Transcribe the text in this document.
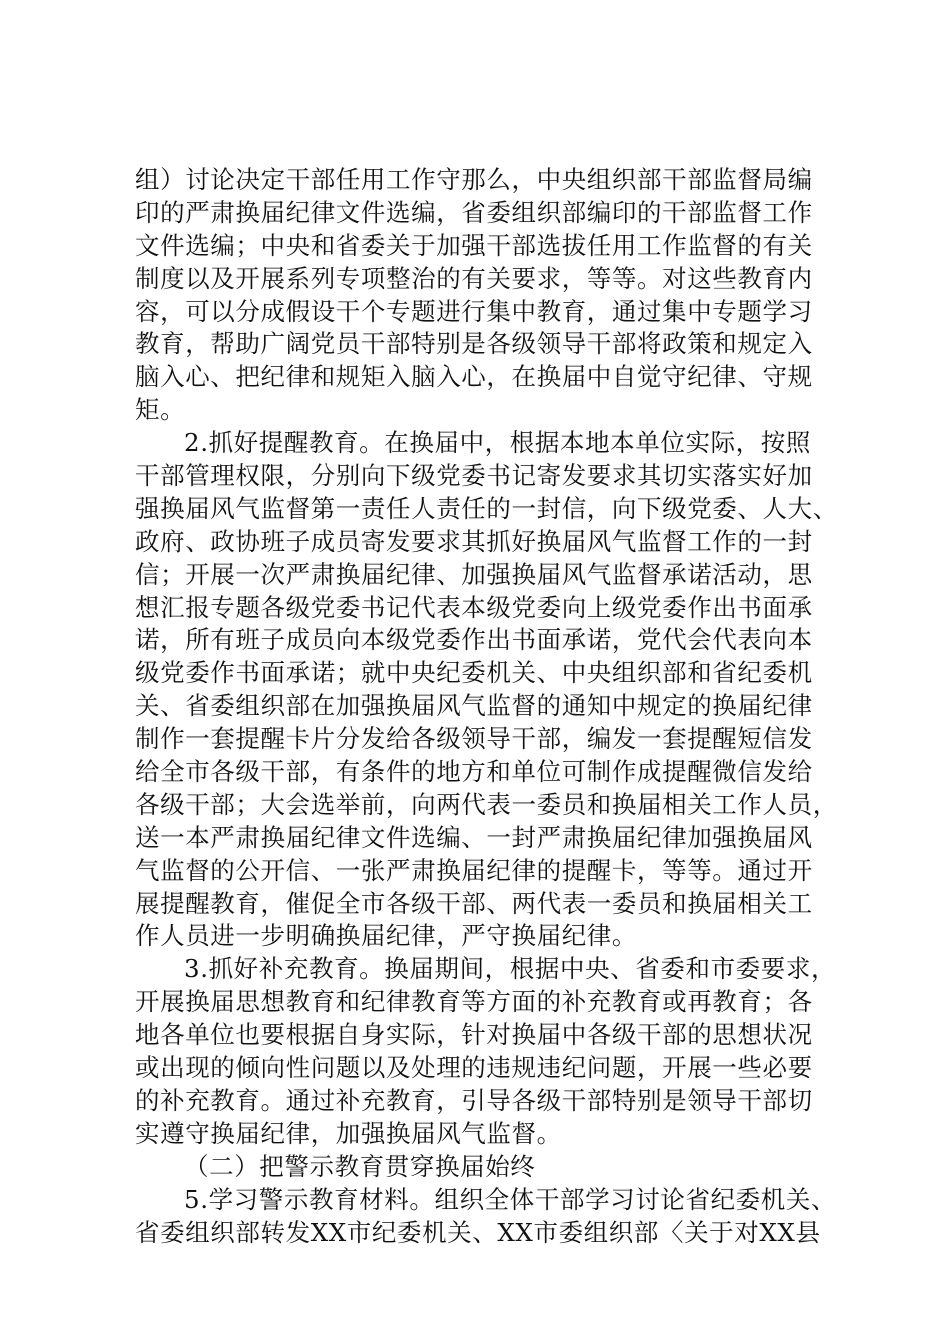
组）讨论决定干部任用工作守那么，中央组织部干部监督局编
印的严肃换届纪律文件选编，省委组织部编印的干部监督工作
文件选编；中央和省委关于加强干部选拔任用工作监督的有关
制度以及开展系列专项整治的有关要求，等等。对这些教育内
容，可以分成假设干个专题进行集中教育，通过集中专题学习
教育，帮助广阔党员干部特别是各级领导干部将政策和规定入
脑入心、把纪律和规矩入脑入心，在换届中自觉守纪律、守规
矩。
2.抓好提醒教育。在换届中，根据本地本单位实际，按照
干部管理权限，分别向下级党委书记寄发要求其切实落实好加
强换届风气监督第一责任人责任的一封信，向下级党委、人大、
政府、政协班子成员寄发要求其抓好换届风气监督工作的一封
信；开展一次严肃换届纪律、加强换届风气监督承诺活动，思
想汇报专题各级党委书记代表本级党委向上级党委作出书面承
诺，所有班子成员向本级党委作出书面承诺，党代会代表向本
级党委作书面承诺；就中央纪委机关、中央组织部和省纪委机
关、省委组织部在加强换届风气监督的通知中规定的换届纪律
制作一套提醒卡片分发给各级领导干部，编发一套提醒短信发
给全市各级干部，有条件的地方和单位可制作成提醒微信发给
各级干部；大会选举前，向两代表一委员和换届相关工作人员，
送一本严肃换届纪律文件选编、一封严肃换届纪律加强换届风
气监督的公开信、一张严肃换届纪律的提醒卡，等等。通过开
展提醒教育，催促全市各级干部、两代表一委员和换届相关工
作人员进一步明确换届纪律，严守换届纪律。
3.抓好补充教育。换届期间，根据中央、省委和市委要求，
开展换届思想教育和纪律教育等方面的补充教育或再教育；各
地各单位也要根据自身实际，针对换届中各级干部的思想状况
或出现的倾向性问题以及处理的违规违纪问题，开展一些必要
的补充教育。通过补充教育，引导各级干部特别是领导干部切
实遵守换届纪律，加强换届风气监督。
（二）把警示教育贯穿换届始终
5.学习警示教育材料。组织全体干部学习讨论省纪委机关、
省委组织部转发XX市纪委机关、XX市委组织部〈关于对XX县
